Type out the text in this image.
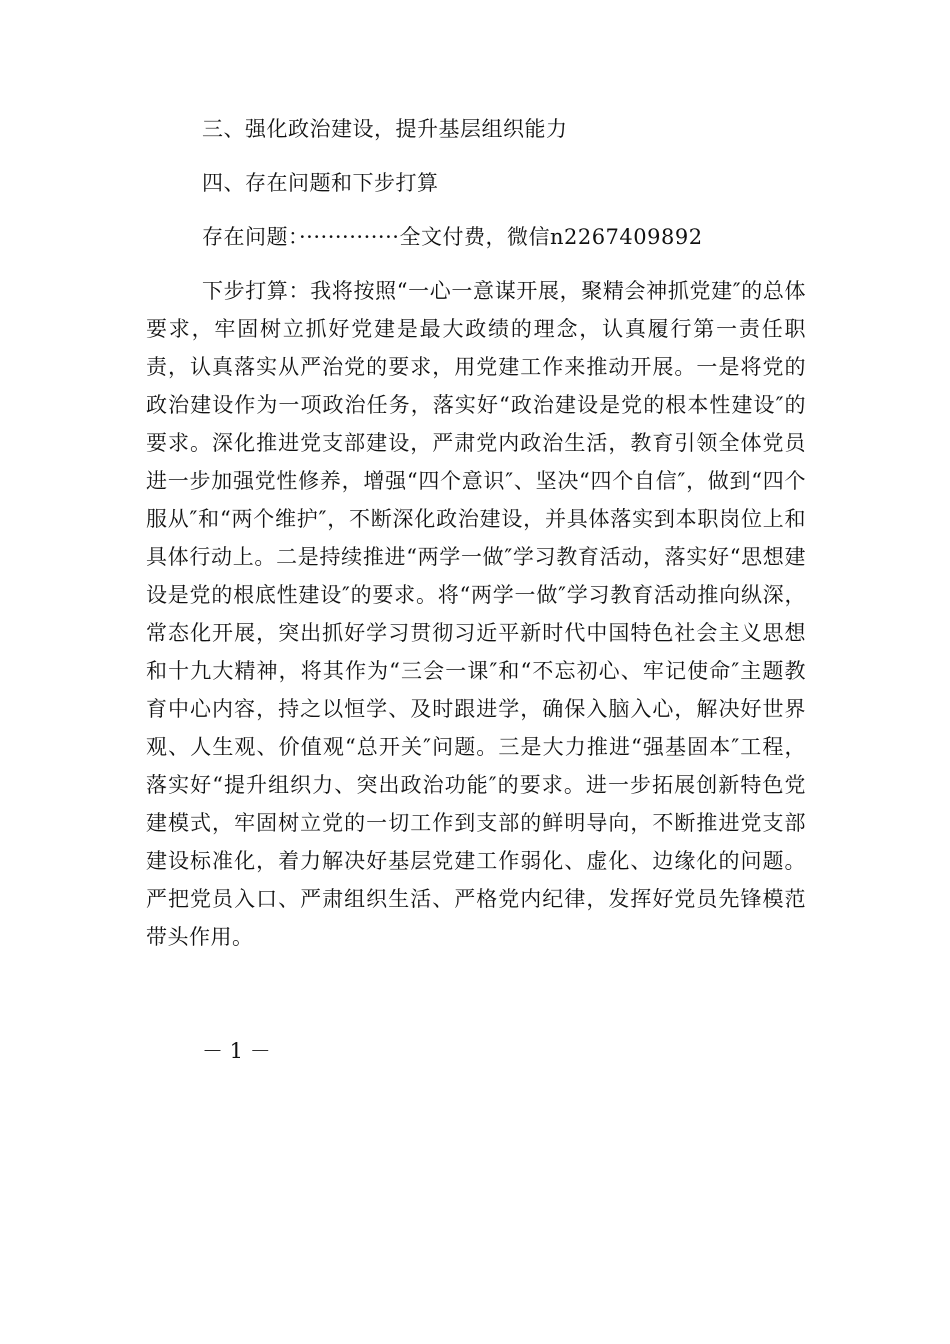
三、强化政治建设，提升基层组织能力

四、存在问题和下步打算

存在问题：··············全文付费，微信n2267409892

下步打算：我将按照“一心一意谋开展，聚精会神抓党建″的总体要求，牢固树立抓好党建是最大政绩的理念，认真履行第一责任职责，认真落实从严治党的要求，用党建工作来推动开展。一是将党的政治建设作为一项政治任务，落实好“政治建设是党的根本性建设″的要求。深化推进党支部建设，严肃党内政治生活，教育引领全体党员进一步加强党性修养，增强“四个意识″、坚决“四个自信″，做到“四个服从″和“两个维护″，不断深化政治建设，并具体落实到本职岗位上和具体行动上。二是持续推进“两学一做″学习教育活动，落实好“思想建设是党的根底性建设″的要求。将“两学一做″学习教育活动推向纵深，常态化开展，突出抓好学习贯彻习近平新时代中国特色社会主义思想和十九大精神，将其作为“三会一课″和“不忘初心、牢记使命″主题教育中心内容，持之以恒学、及时跟进学，确保入脑入心，解决好世界观、人生观、价值观“总开关″问题。三是大力推进“强基固本″工程，落实好“提升组织力、突出政治功能″的要求。进一步拓展创新特色党建模式，牢固树立党的一切工作到支部的鲜明导向，不断推进党支部建设标准化，着力解决好基层党建工作弱化、虚化、边缘化的问题。严把党员入口、严肃组织生活、严格党内纪律，发挥好党员先锋模范带头作用。

－ 1 －
